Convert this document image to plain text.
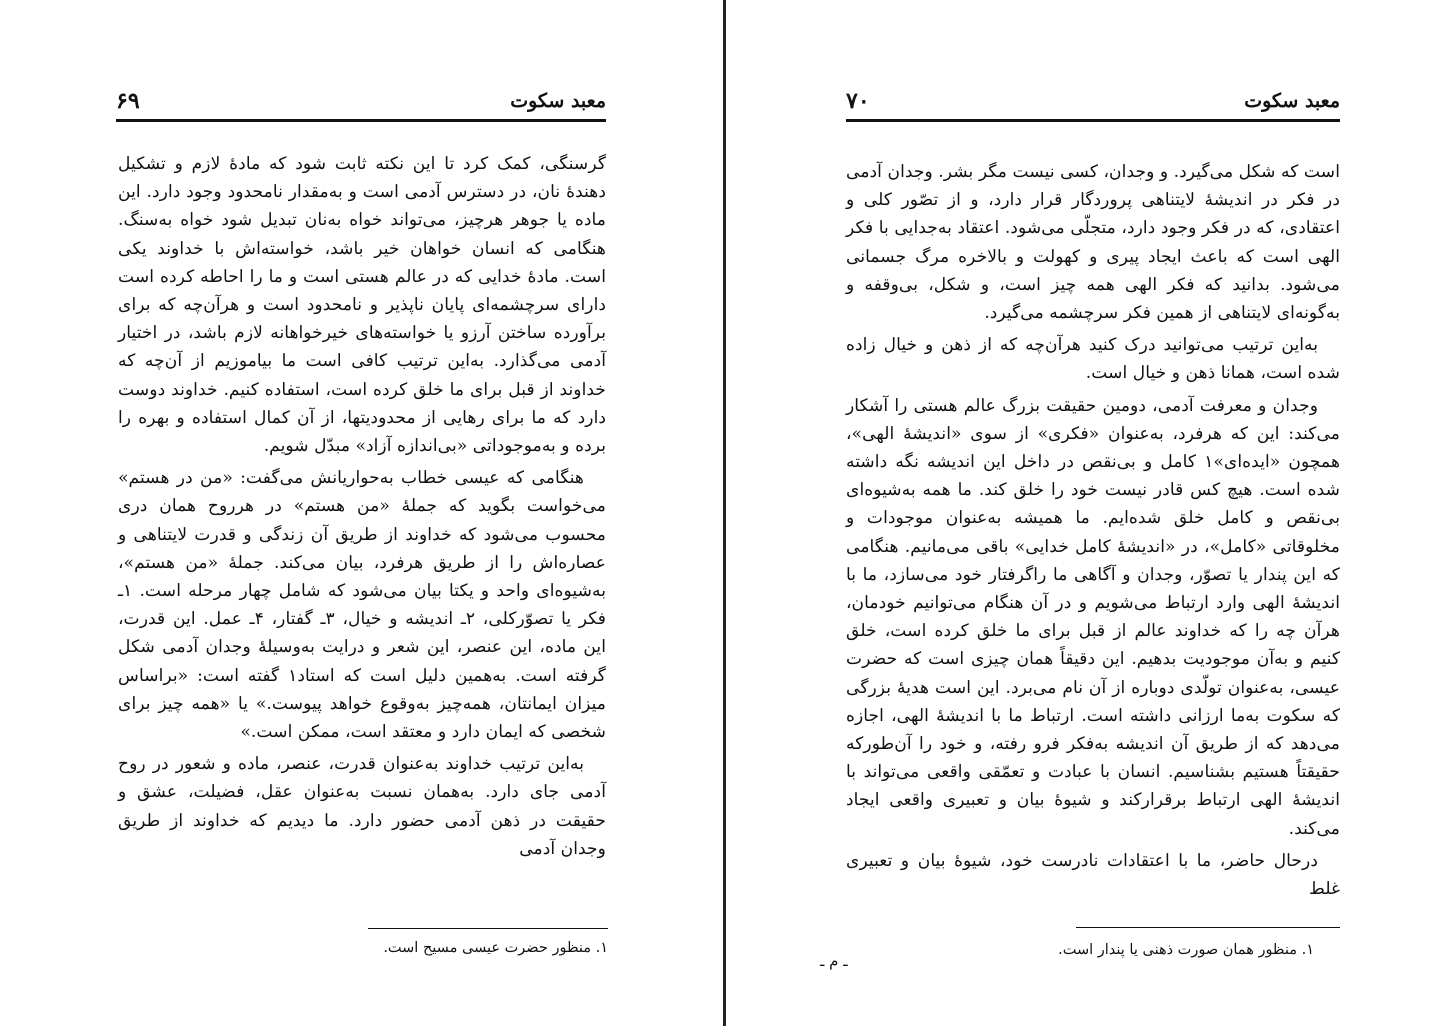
۶۹	معبد سکوت

گرسنگی، کمک کرد تا این نکته ثابت شود که مادهٔ لازم و تشکیل دهندهٔ نان، در دسترس آدمی است و به‌مقدار نامحدود وجود دارد. این ماده یا جوهر هرچیز، می‌تواند خواه به‌نان تبدیل شود خواه به‌سنگ. هنگامی که انسان خواهان خیر باشد، خواسته‌اش با خداوند یکی است. مادهٔ خدایی که در عالم هستی است و ما را احاطه کرده است دارای سرچشمه‌ای پایان ناپذیر و نامحدود است و هرآن‌چه که برای برآورده ساختن آرزو یا خواسته‌های خیرخواهانه لازم باشد، در اختیار آدمی می‌گذارد. به‌این ترتیب کافی است ما بیاموزیم از آن‌چه که خداوند از قبل برای ما خلق کرده است، استفاده کنیم. خداوند دوست دارد که ما برای رهایی از محدودیتها، از آن کمال استفاده و بهره را برده و به‌موجوداتی «بی‌اندازه آزاد» مبدّل شویم.

هنگامی که عیسی خطاب به‌حواریانش می‌گفت: «من در هستم» می‌خواست بگوید که جملهٔ «من هستم» در هرروح همان دری محسوب می‌شود که خداوند از طریق آن زندگی و قدرت لایتناهی و عصاره‌اش را از طریق هرفرد، بیان می‌کند. جملهٔ «من هستم»، به‌شیوه‌ای واحد و یکتا بیان می‌شود که شامل چهار مرحله است. ۱ـ فکر یا تصوّرکلی، ۲ـ اندیشه و خیال، ۳ـ گفتار، ۴ـ عمل. این قدرت، این ماده، این عنصر، این شعر و درایت به‌وسیلهٔ وجدان آدمی شکل گرفته است. به‌همین دلیل است که استاد۱ گفته است: «براساس میزان ایمانتان، همه‌چیز به‌وقوع خواهد پیوست.» یا «همه چیز برای شخصی که ایمان دارد و معتقد است، ممکن است.»

به‌این ترتیب خداوند به‌عنوان قدرت، عنصر، ماده و شعور در روح آدمی جای دارد. به‌همان نسبت به‌عنوان عقل، فضیلت، عشق و حقیقت در ذهن آدمی حضور دارد. ما دیدیم که خداوند از طریق وجدان آدمی

۱. منظور حضرت عیسی مسیح است.
۷۰	معبد سکوت

است که شکل می‌گیرد. و وجدان، کسی نیست مگر بشر. وجدان آدمی در فکر در اندیشهٔ لایتناهی پروردگار قرار دارد، و از تصّور کلی و اعتقادی، که در فکر وجود دارد، متجلّی می‌شود. اعتقاد به‌جدایی با فکر الهی است که باعث ایجاد پیری و کهولت و بالاخره مرگ جسمانی می‌شود. بدانید که فکر الهی همه چیز است، و شکل، بی‌وقفه و به‌گونه‌ای لایتناهی از همین فکر سرچشمه می‌گیرد.

به‌این ترتیب می‌توانید درک کنید هرآن‌چه که از ذهن و خیال زاده شده است، همانا ذهن و خیال است.

وجدان و معرفت آدمی، دومین حقیقت بزرگ عالم هستی را آشکار می‌کند: این که هرفرد، به‌عنوان «فکری» از سوی «اندیشهٔ الهی»، همچون «ایده‌ای»۱ کامل و بی‌نقص در داخل این اندیشه نگه داشته شده است. هیچ کس قادر نیست خود را خلق کند. ما همه به‌شیوه‌ای بی‌نقص و کامل خلق شده‌ایم. ما همیشه به‌عنوان موجودات و مخلوقاتی «کامل»، در «اندیشهٔ کامل خدایی» باقی می‌مانیم. هنگامی که این پندار یا تصوّر، وجدان و آگاهی ما راگرفتار خود می‌سازد، ما با اندیشهٔ الهی وارد ارتباط می‌شویم و در آن هنگام می‌توانیم خودمان، هرآن چه را که خداوند عالم از قبل برای ما خلق کرده است، خلق کنیم و به‌آن موجودیت بدهیم. این دقیقاً همان چیزی است که حضرت عیسی، به‌عنوان تولّدی دوباره از آن نام می‌برد. این است هدیهٔ بزرگی که سکوت به‌ما ارزانی داشته است. ارتباط ما با اندیشهٔ الهی، اجازه می‌دهد که از طریق آن اندیشه به‌فکر فرو رفته، و خود را آن‌طورکه حقیقتاً هستیم بشناسیم. انسان با عبادت و تعمّقی واقعی می‌تواند با اندیشهٔ الهی ارتباط برقرارکند و شیوهٔ بیان و تعبیری واقعی ایجاد می‌کند.

درحال حاضر، ما با اعتقادات نادرست خود، شیوهٔ بیان و تعبیری غلط

۱. منظور همان صورت ذهنی یا پندار است.
ـ م ـ
